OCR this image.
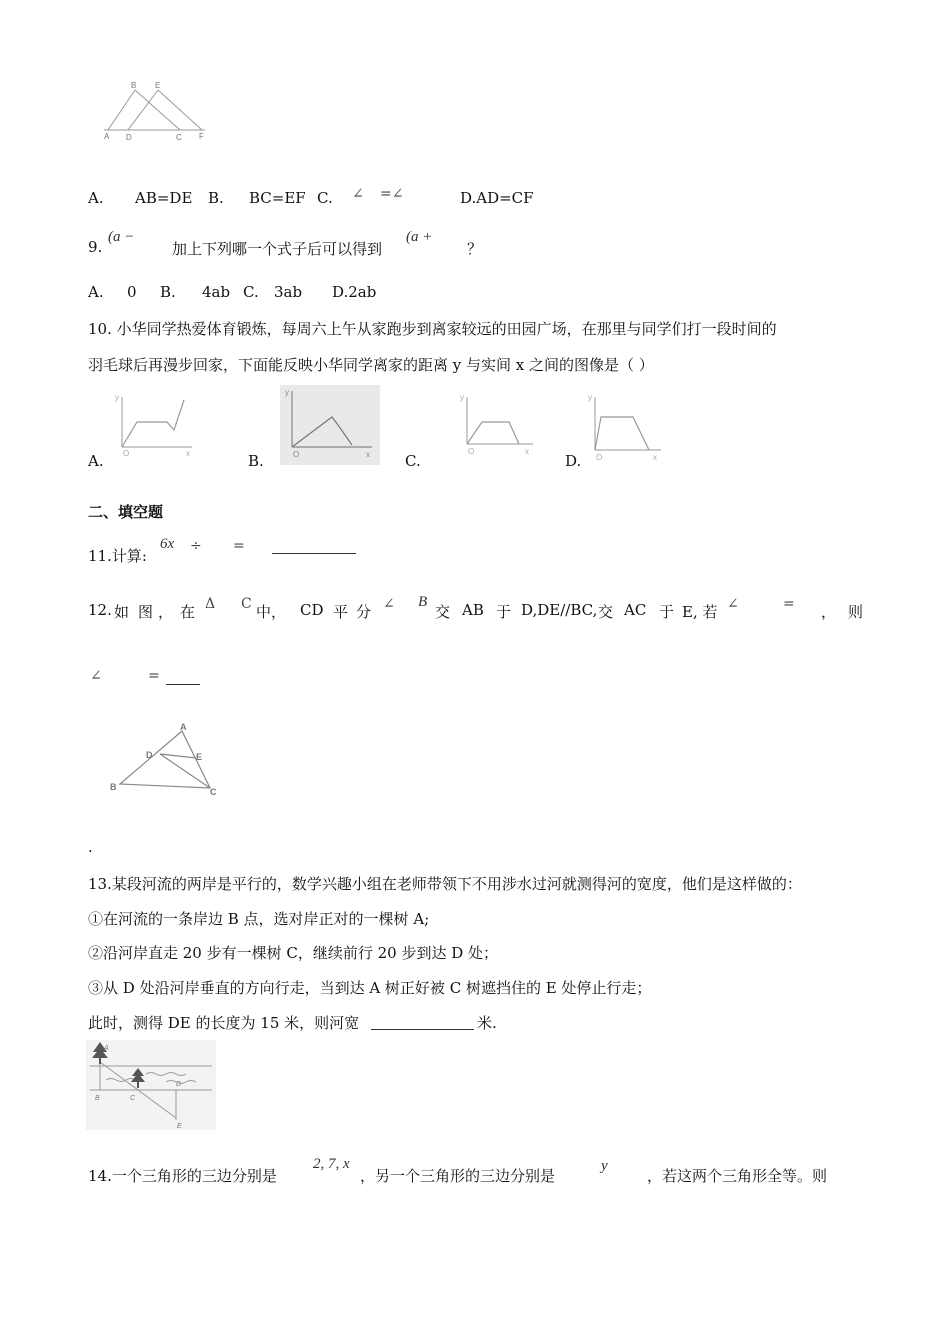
B E
A D	C F
A. AB=DE B. BC=EF C. ∠ =∠	D.AD=CF
9.
(a −
加上下列哪一个式子后可以得到
(a +
？
A. 0 B. 4ab C. 3ab D.2ab
10. 小华同学热爱体育锻炼，每周六上午从家跑步到离家较远的田园广场，在那里与同学们打一段时间的
羽毛球后再漫步回家，下面能反映小华同学离家的距离 y 与实间 x 之间的图像是（ ）
A.
y
x
O	B.
y
x
O	C.
y
x
O
D.
y
x
O
二、填空题
11.计算:
6x ÷ =
12. 如 图 ， 在 Δ C 中， CD 平 分 ∠ B
交 AB 于 D,DE//BC, 交 AC 于 E, 若 ∠	= ， 则
∠	=
A
D	E
B	C
.
13.某段河流的两岸是平行的，数学兴趣小组在老师带领下不用涉水过河就测得河的宽度，他们是这样做的：
①在河流的一条岸边 B 点，选对岸正对的一棵树 A;
②沿河岸直走 20 步有一棵树 C，继续前行 20 步到达 D 处；
③从 D 处沿河岸垂直的方向行走，当到达 A 树正好被 C 树遮挡住的 E 处停止行走；
此时，测得 DE 的长度为 15 米，则河宽	米.
A
B	C
D
E
14.一个三角形的三边分别是
2, 7, x
，另一个三角形的三边分别是
y
，若这两个三角形全等。则
